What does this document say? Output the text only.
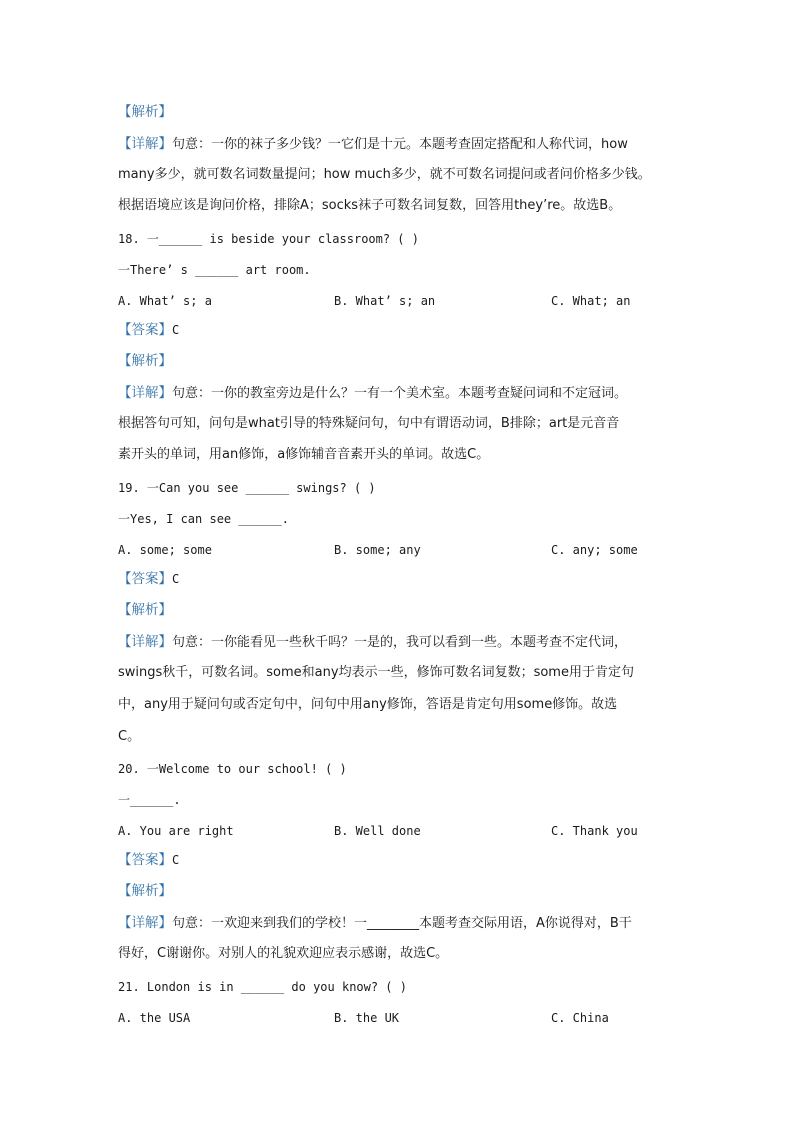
【解析】
【详解】句意：一你的袜子多少钱？一它们是十元。本题考查固定搭配和人称代词，how
many多少，就可数名词数量提问；how much多少，就不可数名词提问或者问价格多少钱。
根据语境应该是询问价格，排除A；socks袜子可数名词复数，回答用they’re。故选B。
18. 一______ is beside your classroom? ( )
一There’ s ______ art room.
A. What’ s; a	B. What’ s; an	C. What; an
【答案】C
【解析】
【详解】句意：一你的教室旁边是什么？一有一个美术室。本题考查疑问词和不定冠词。
根据答句可知，问句是what引导的特殊疑问句，句中有谓语动词，B排除；art是元音音
素开头的单词，用an修饰，a修饰辅音音素开头的单词。故选C。
19. 一Can you see ______ swings? ( )
一Yes, I can see ______.
A. some; some	B. some; any	C. any; some
【答案】C
【解析】
【详解】句意：一你能看见一些秋千吗？一是的，我可以看到一些。本题考查不定代词，
swings秋千，可数名词。some和any均表示一些，修饰可数名词复数；some用于肯定句
中，any用于疑问句或否定句中，问句中用any修饰，答语是肯定句用some修饰。故选
C。
20. 一Welcome to our school! ( )
一______.
A. You are right	B. Well done	C. Thank you
【答案】C
【解析】
【详解】句意：一欢迎来到我们的学校！一________本题考查交际用语，A你说得对，B干
得好，C谢谢你。对别人的礼貌欢迎应表示感谢，故选C。
21. London is in ______ do you know? ( )
A. the USA	B. the UK	C. China
